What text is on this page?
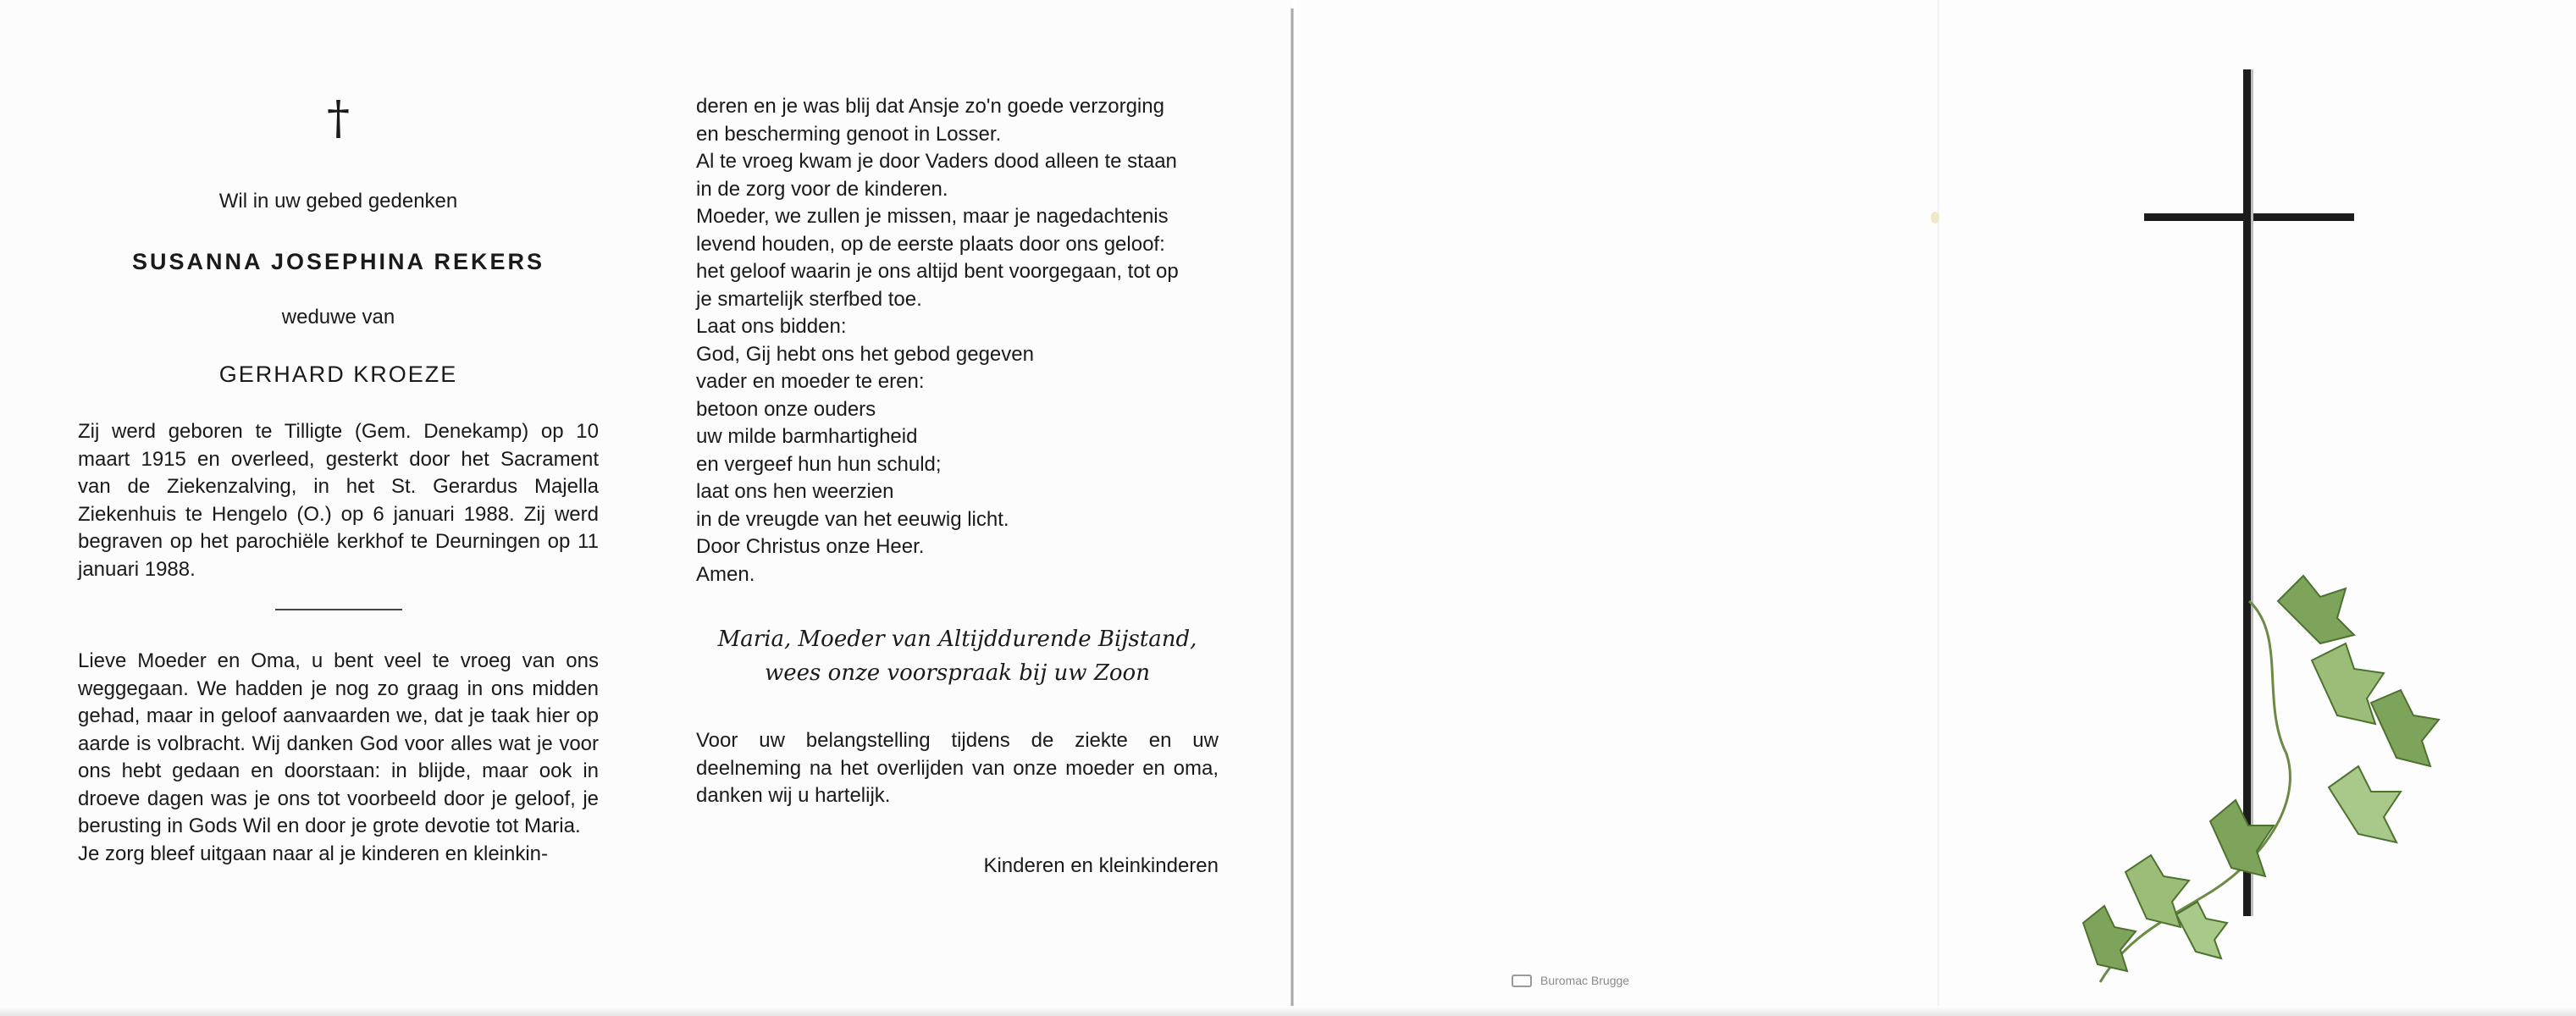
†
Wil in uw gebed gedenken
SUSANNA JOSEPHINA REKERS
weduwe van
GERHARD KROEZE
Zij werd geboren te Tilligte (Gem. Denekamp) op 10 maart 1915 en overleed, gesterkt door het Sacrament van de Ziekenzalving, in het St. Gerardus Majella Ziekenhuis te Hengelo (O.) op 6 januari 1988. Zij werd begraven op het parochiële kerkhof te Deurningen op 11 januari 1988.
Lieve Moeder en Oma, u bent veel te vroeg van ons weggegaan. We hadden je nog zo graag in ons midden gehad, maar in geloof aanvaarden we, dat je taak hier op aarde is volbracht. Wij danken God voor alles wat je voor ons hebt gedaan en doorstaan: in blijde, maar ook in droeve dagen was je ons tot voorbeeld door je geloof, je berusting in Gods Wil en door je grote devotie tot Maria.
Je zorg bleef uitgaan naar al je kinderen en kleinkin-
deren en je was blij dat Ansje zo'n goede verzorging
en bescherming genoot in Losser.
Al te vroeg kwam je door Vaders dood alleen te staan
in de zorg voor de kinderen.
Moeder, we zullen je missen, maar je nagedachtenis
levend houden, op de eerste plaats door ons geloof:
het geloof waarin je ons altijd bent voorgegaan, tot op
je smartelijk sterfbed toe.
Laat ons bidden:
God, Gij hebt ons het gebod gegeven
vader en moeder te eren:
betoon onze ouders
uw milde barmhartigheid
en vergeef hun hun schuld;
laat ons hen weerzien
in de vreugde van het eeuwig licht.
Door Christus onze Heer.
Amen.
Maria, Moeder van Altijddurende Bijstand,
wees onze voorspraak bij uw Zoon
Voor uw belangstelling tijdens de ziekte en uw deelneming na het overlijden van onze moeder en oma, danken wij u hartelijk.
Kinderen en kleinkinderen
Buromac Brugge
